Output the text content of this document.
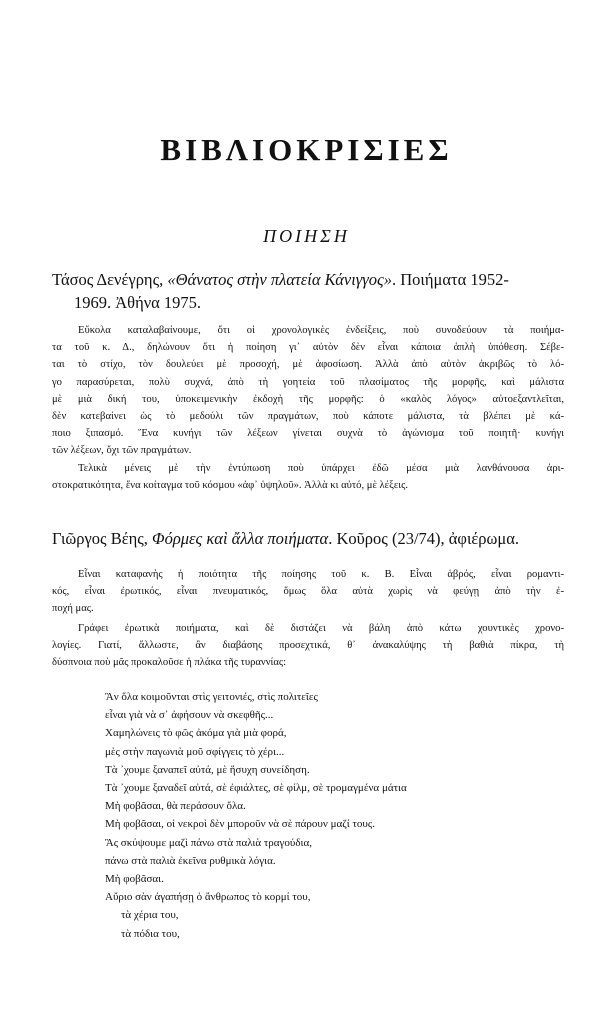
ΒΙΒΛΙΟΚΡΙΣΙΕΣ
ΠΟΙΗΣΗ
Τάσος Δενέγρης, «Θάνατος στὴν πλατεία Κάνιγγος». Ποιήματα 1952-
1969. Ἀθήνα 1975.
Εὔκολα καταλαβαίνουμε, ὅτι οἱ χρονολογικὲς ἐνδείξεις, ποὺ συνοδεύουν τὰ ποιήμα-
τα τοῦ κ. Δ., δηλώνουν ὅτι ἡ ποίηση γι᾽ αὐτὸν δὲν εἶναι κάποια ἁπλὴ ὑπόθεση. Σέβε-
ται τὸ στίχο, τὸν δουλεύει μὲ προσοχή, μὲ ἀφοσίωση. Ἀλλὰ ἀπὸ αὐτὸν ἀκριβῶς τὸ λό-
γο παρασύρεται, πολὺ συχνά, ἀπὸ τὴ γοητεία τοῦ πλασίματος τῆς μορφῆς, καὶ μάλιστα
μὲ μιὰ δική του, ὑποκειμενικὴν ἐκδοχὴ τῆς μορφῆς: ὁ «καλὸς λόγος» αὐτοεξαντλεῖται,
δὲν κατεβαίνει ὡς τὸ μεδούλι τῶν πραγμάτων, ποὺ κάποτε μάλιστα, τὰ βλέπει μὲ κά-
ποιο ξιπασμό. Ἕνα κυνήγι τῶν λέξεων γίνεται συχνὰ τὸ ἀγώνισμα τοῦ ποιητῆ· κυνήγι
τῶν λέξεων, ὄχι τῶν πραγμάτων.
Τελικὰ μένεις μὲ τὴν ἐντύπωση ποὺ ὑπάρχει ἐδῶ μέσα μιὰ λανθάνουσα ἀρι-
στοκρατικότητα, ἕνα κοίταγμα τοῦ κόσμου «ἀφ᾽ ὑψηλοῦ». Ἀλλὰ κι αὐτό, μὲ λέξεις.
Γιῶργος Βέης, Φόρμες καὶ ἄλλα ποιήματα. Κοῦρος (23/74), ἀφιέρωμα.
Εἶναι καταφανὴς ἡ ποιότητα τῆς ποίησης τοῦ κ. Β. Εἶναι ἁβρός, εἶναι ρομαντι-
κός, εἶναι ἐρωτικός, εἶναι πνευματικός, ὅμως ὅλα αὐτὰ χωρὶς νὰ φεύγῃ ἀπὸ τὴν ἐ-
ποχή μας.
Γράφει ἐρωτικὰ ποιήματα, καὶ δὲ διστάζει νὰ βάλη ἀπὸ κάτω χουντικὲς χρονο-
λογίες. Γιατί, ἄλλωστε, ἂν διαβάσης προσεχτικά, θ᾽ ἀνακαλύψης τὴ βαθιὰ πίκρα, τὴ
δύσπνοια ποὺ μᾶς προκαλοῦσε ἡ πλάκα τῆς τυραννίας:
Ἂν ὅλα κοιμοῦνται στὶς γειτονιές, στὶς πολιτεῖες
εἶναι γιὰ νὰ σ᾽ ἀφήσουν νὰ σκεφθῆς...
Χαμηλώνεις τὸ φῶς ἀκόμα γιὰ μιὰ φορά,
μὲς στὴν παγωνιὰ μοῦ σφίγγεις τὸ χέρι...
Τὰ ᾽χουμε ξαναπεῖ αὐτά, μὲ ἥσυχη συνείδηση.
Τὰ ᾽χουμε ξαναδεῖ αὐτά, σὲ ἐφιάλτες, σὲ φίλμ, σὲ τρομαγμένα μάτια
Μὴ φοβᾶσαι, θὰ περάσουν ὅλα.
Μὴ φοβᾶσαι, οἱ νεκροὶ δὲν μποροῦν νὰ σὲ πάρουν μαζί τους.
Ἂς σκύψουμε μαζὶ πάνω στὰ παλιὰ τραγούδια,
πάνω στὰ παλιὰ ἐκεῖνα ρυθμικὰ λόγια.
Μὴ φοβᾶσαι.
Αὔριο σὰν ἀγαπήσῃ ὁ ἄνθρωπος τὸ κορμί του,
τὰ χέρια του,
τὰ πόδια του,
